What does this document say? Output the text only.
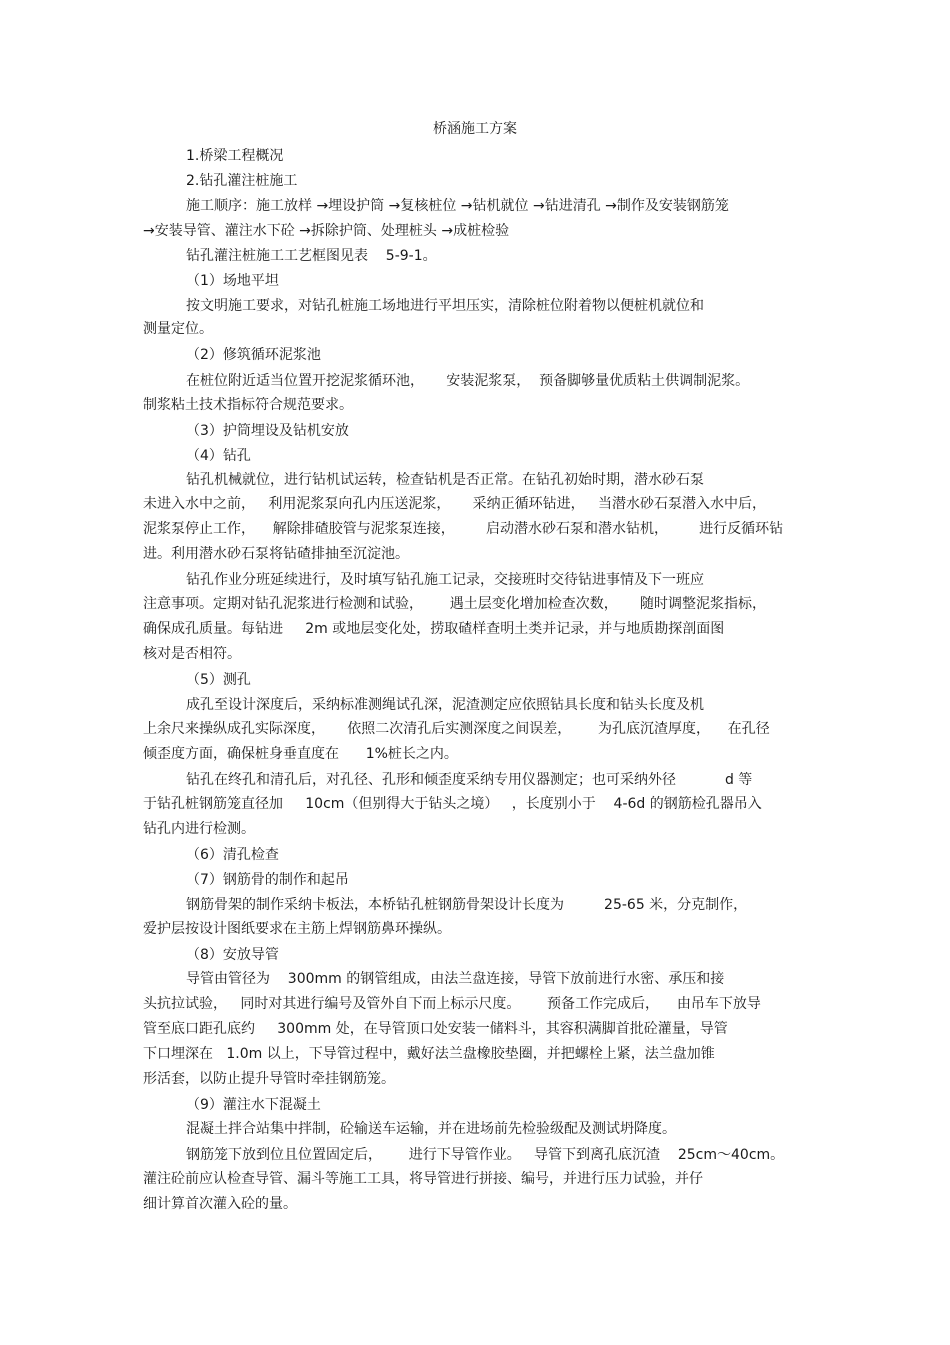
桥涵施工方案
1.桥梁工程概况
2.钻孔灌注桩施工
施工顺序：施工放样 →埋设护筒 →复核桩位 →钻机就位 →钻进清孔 →制作及安装钢筋笼
→安装导管、灌注水下砼 →拆除护筒、处理桩头 →成桩检验
钻孔灌注桩施工工艺框图见表    5-9-1。
（1）场地平坦
按文明施工要求，对钻孔桩施工场地进行平坦压实，清除桩位附着物以便桩机就位和
测量定位。
（2）修筑循环泥浆池
在桩位附近适当位置开挖泥浆循环池，     安装泥浆泵，  预备脚够量优质粘土供调制泥浆。
制浆粘土技术指标符合规范要求。
（3）护筒埋设及钻机安放
（4）钻孔
钻孔机械就位，进行钻机试运转，检查钻机是否正常。在钻孔初始时期，潜水砂石泵
未进入水中之前，   利用泥浆泵向孔内压送泥浆，     采纳正循环钻进，   当潜水砂石泵潜入水中后，
泥浆泵停止工作，    解除排碴胶管与泥浆泵连接，       启动潜水砂石泵和潜水钻机，       进行反循环钻
进。利用潜水砂石泵将钻碴排抽至沉淀池。
钻孔作业分班延续进行，及时填写钻孔施工记录，交接班时交待钻进事情及下一班应
注意事项。定期对钻孔泥浆进行检测和试验，      遇土层变化增加检查次数，     随时调整泥浆指标，
确保成孔质量。每钻进     2m 或地层变化处，捞取碴样查明土类并记录，并与地质勘探剖面图
核对是否相符。
（5）测孔
成孔至设计深度后，采纳标准测绳试孔深，泥渣测定应依照钻具长度和钻头长度及机
上余尺来操纵成孔实际深度，     依照二次清孔后实测深度之间误差，      为孔底沉渣厚度，    在孔径
倾歪度方面，确保桩身垂直度在      1%桩长之内。
钻孔在终孔和清孔后，对孔径、孔形和倾歪度采纳专用仪器测定；也可采纳外径           d 等
于钻孔桩钢筋笼直径加     10cm（但别得大于钻头之境）   ，长度别小于    4-6d 的钢筋检孔器吊入
钻孔内进行检测。
（6）清孔检查
（7）钢筋骨的制作和起吊
钢筋骨架的制作采纳卡板法，本桥钻孔桩钢筋骨架设计长度为         25-65 米，分克制作，
爱护层按设计图纸要求在主筋上焊钢筋鼻环操纵。
（8）安放导管
导管由管径为    300mm 的钢管组成，由法兰盘连接，导管下放前进行水密、承压和接
头抗拉试验，   同时对其进行编号及管外自下而上标示尺度。      预备工作完成后，    由吊车下放导
管至底口距孔底约     300mm 处，在导管顶口处安装一储料斗，其容积满脚首批砼灌量，导管
下口埋深在   1.0m 以上，下导管过程中，戴好法兰盘橡胶垫圈，并把螺栓上紧，法兰盘加锥
形活套，以防止提升导管时牵挂钢筋笼。
（9）灌注水下混凝土
混凝土拌合站集中拌制，砼输送车运输，并在进场前先检验级配及测试坍降度。
钢筋笼下放到位且位置固定后，      进行下导管作业。   导管下到离孔底沉渣    25cm～40cm。
灌注砼前应认检查导管、漏斗等施工工具，将导管进行拼接、编号，并进行压力试验，并仔
细计算首次灌入砼的量。
